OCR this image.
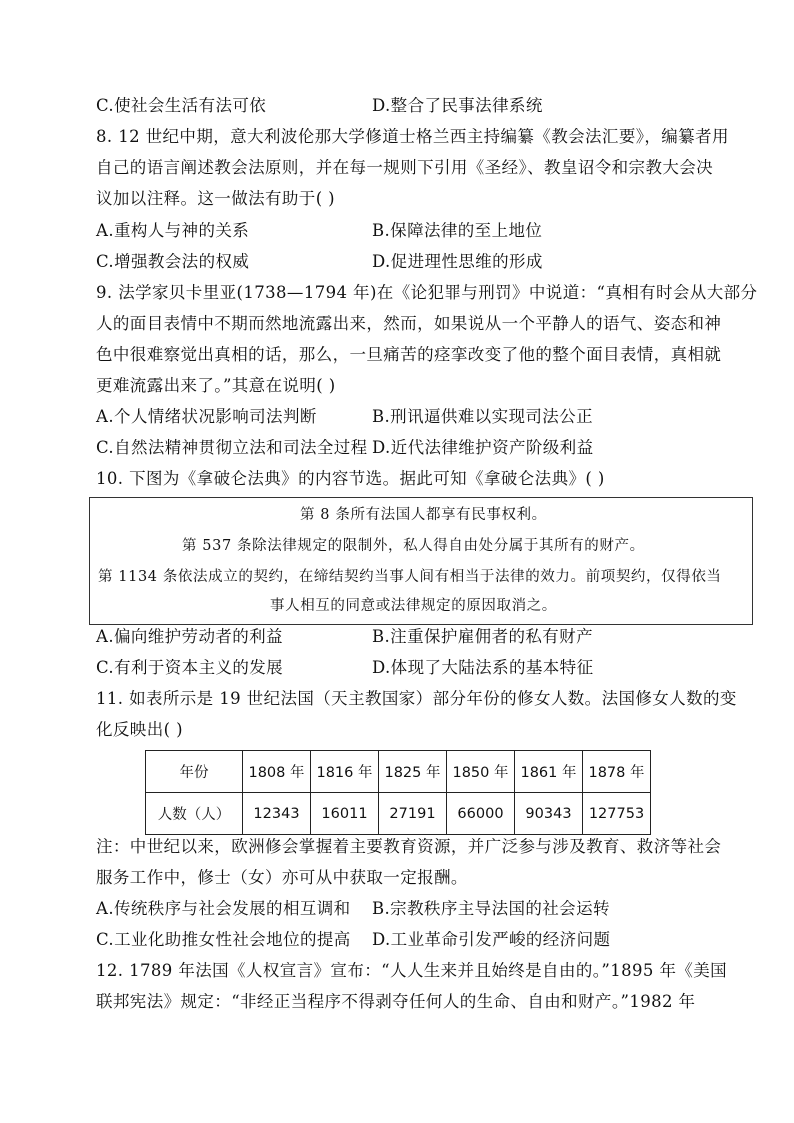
C.使社会生活有法可依	D.整合了民事法律系统
8. 12 世纪中期，意大利波伦那大学修道士格兰西主持编纂《教会法汇要》，编纂者用
自己的语言阐述教会法原则，并在每一规则下引用《圣经》、教皇诏令和宗教大会决
议加以注释。这一做法有助于( )
A.重构人与神的关系	B.保障法律的至上地位
C.增强教会法的权威	D.促进理性思维的形成
9. 法学家贝卡里亚(1738—1794 年)在《论犯罪与刑罚》中说道：“真相有时会从大部分
人的面目表情中不期而然地流露出来，然而，如果说从一个平静人的语气、姿态和神
色中很难察觉出真相的话，那么，一旦痛苦的痉挛改变了他的整个面目表情，真相就
更难流露出来了。”其意在说明( )
A.个人情绪状况影响司法判断	B.刑讯逼供难以实现司法公正
C.自然法精神贯彻立法和司法全过程 D.近代法律维护资产阶级利益
10. 下图为《拿破仑法典》的内容节选。据此可知《拿破仑法典》( )
第 8 条所有法国人都享有民事权利。
第 537 条除法律规定的限制外，私人得自由处分属于其所有的财产。
第 1134 条依法成立的契约，在缔结契约当事人间有相当于法律的效力。前项契约，仅得依当
事人相互的同意或法律规定的原因取消之。
A.偏向维护劳动者的利益	B.注重保护雇佣者的私有财产
C.有利于资本主义的发展	D.体现了大陆法系的基本特征
11. 如表所示是 19 世纪法国（天主教国家）部分年份的修女人数。法国修女人数的变
化反映出( )
年份	1808 年	1816 年	1825 年	1850 年	1861 年	1878 年
人数（人）	12343	16011	27191	66000	90343	127753
注：中世纪以来，欧洲修会掌握着主要教育资源，并广泛参与涉及教育、救济等社会
服务工作中，修士（女）亦可从中获取一定报酬。
A.传统秩序与社会发展的相互调和 B.宗教秩序主导法国的社会运转
C.工业化助推女性社会地位的提高 D.工业革命引发严峻的经济问题
12. 1789 年法国《人权宣言》宣布：“人人生来并且始终是自由的。”1895 年《美国
联邦宪法》规定：“非经正当程序不得剥夺任何人的生命、自由和财产。”1982 年
